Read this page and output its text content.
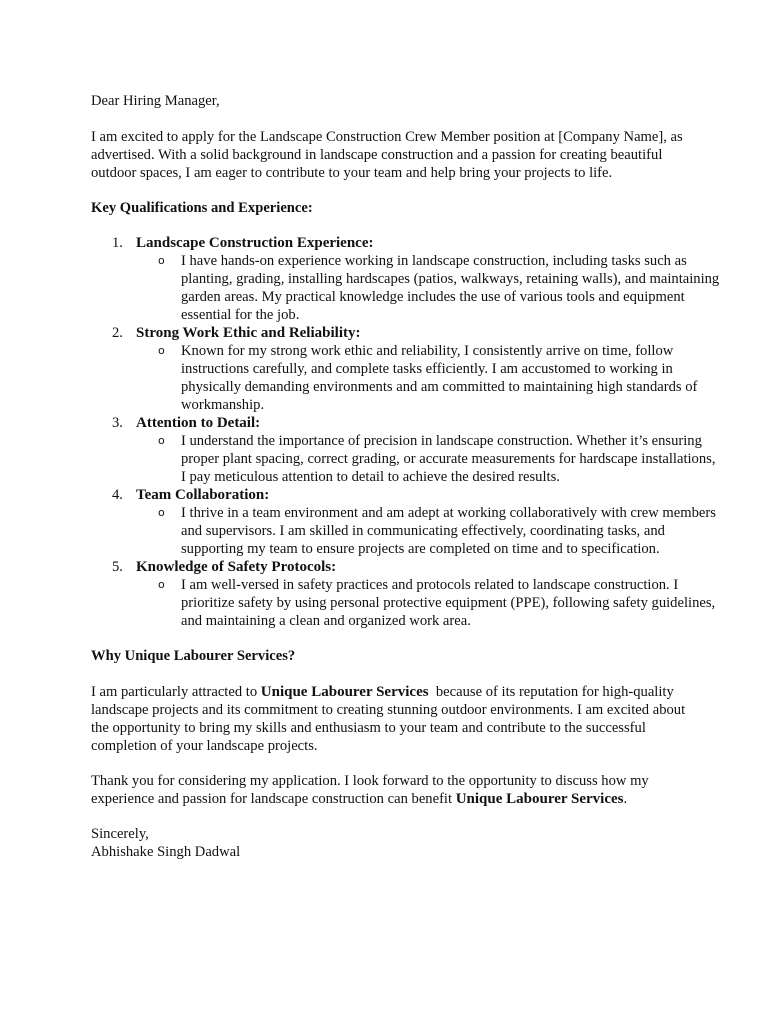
Dear Hiring Manager,

I am excited to apply for the Landscape Construction Crew Member position at [Company Name], as advertised. With a solid background in landscape construction and a passion for creating beautiful outdoor spaces, I am eager to contribute to your team and help bring your projects to life.

Key Qualifications and Experience:

1. Landscape Construction Experience:
o I have hands-on experience working in landscape construction, including tasks such as planting, grading, installing hardscapes (patios, walkways, retaining walls), and maintaining garden areas. My practical knowledge includes the use of various tools and equipment essential for the job.
2. Strong Work Ethic and Reliability:
o Known for my strong work ethic and reliability, I consistently arrive on time, follow instructions carefully, and complete tasks efficiently. I am accustomed to working in physically demanding environments and am committed to maintaining high standards of workmanship.
3. Attention to Detail:
o I understand the importance of precision in landscape construction. Whether it’s ensuring proper plant spacing, correct grading, or accurate measurements for hardscape installations, I pay meticulous attention to detail to achieve the desired results.
4. Team Collaboration:
o I thrive in a team environment and am adept at working collaboratively with crew members and supervisors. I am skilled in communicating effectively, coordinating tasks, and supporting my team to ensure projects are completed on time and to specification.
5. Knowledge of Safety Protocols:
o I am well-versed in safety practices and protocols related to landscape construction. I prioritize safety by using personal protective equipment (PPE), following safety guidelines, and maintaining a clean and organized work area.

Why Unique Labourer Services?

I am particularly attracted to Unique Labourer Services  because of its reputation for high-quality landscape projects and its commitment to creating stunning outdoor environments. I am excited about the opportunity to bring my skills and enthusiasm to your team and contribute to the successful completion of your landscape projects.

Thank you for considering my application. I look forward to the opportunity to discuss how my experience and passion for landscape construction can benefit Unique Labourer Services.

Sincerely,

Abhishake Singh Dadwal
